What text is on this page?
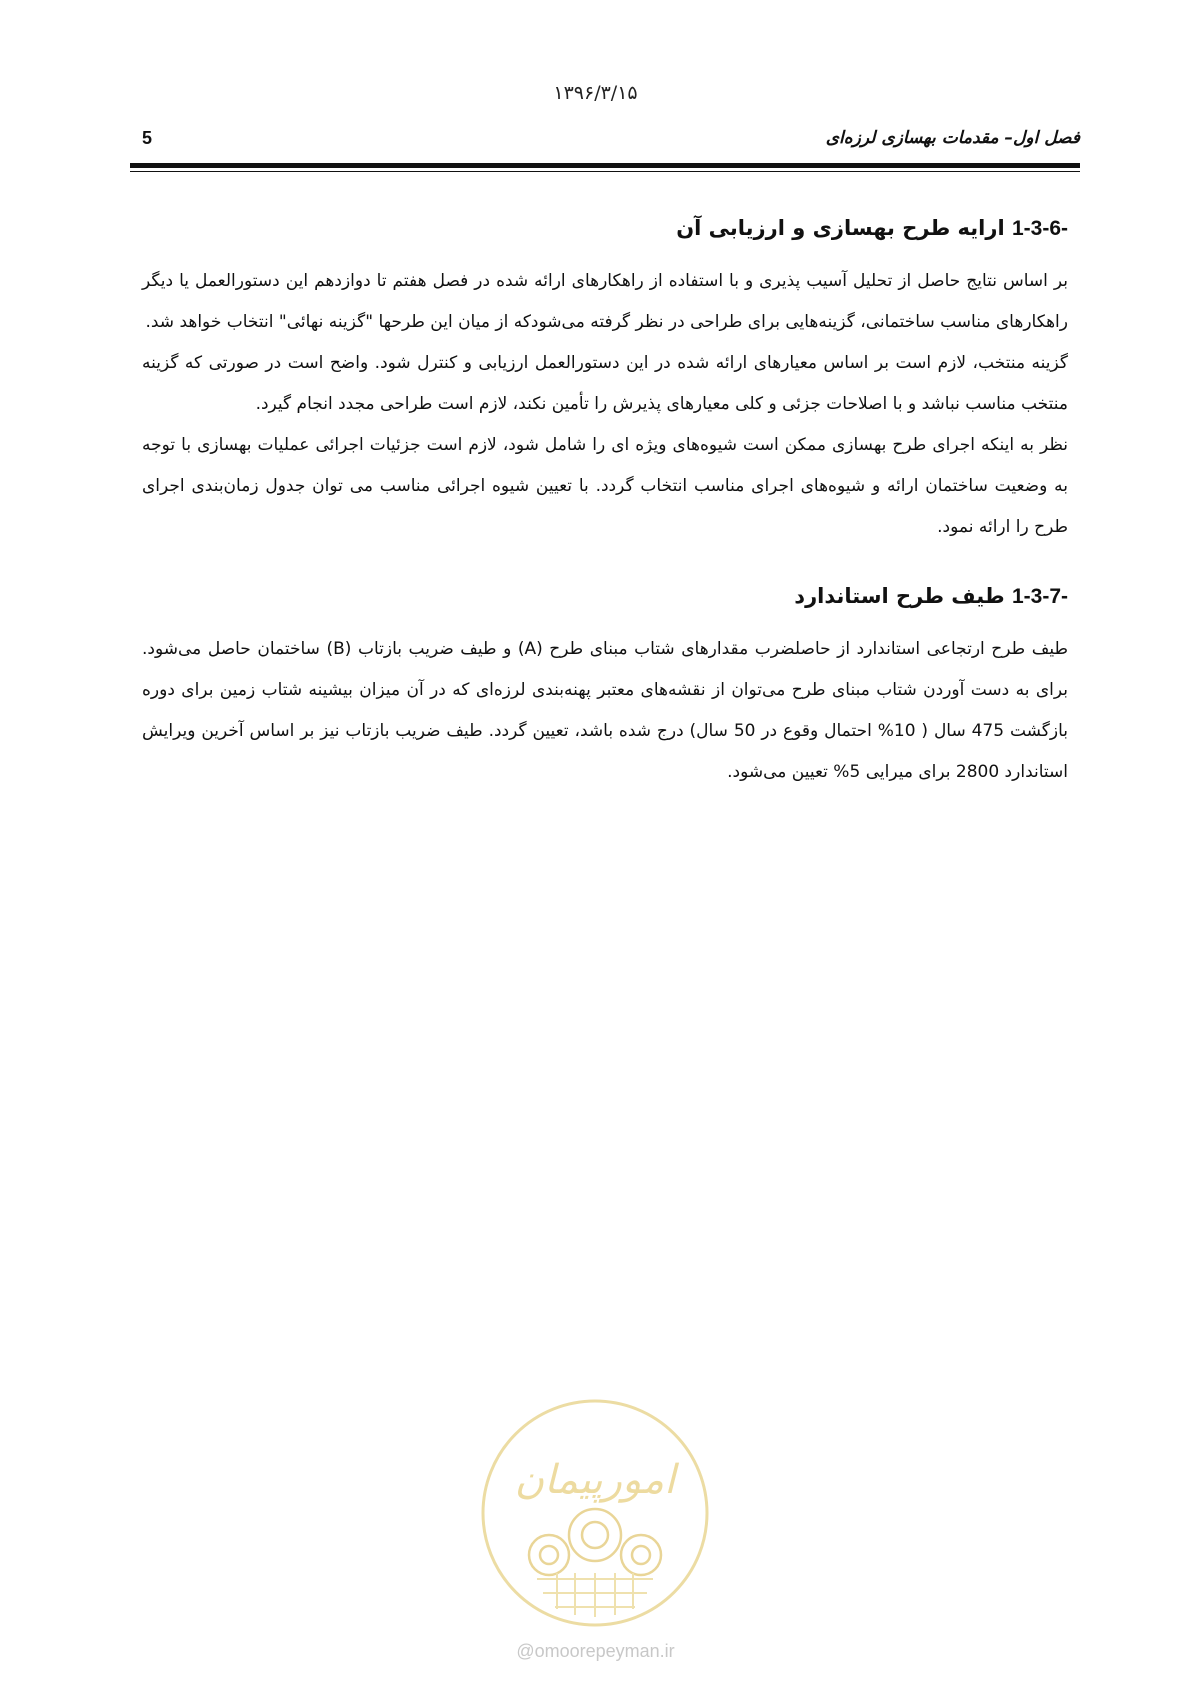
۱۳۹۶/۳/۱۵
فصل اول– مقدمات بهسازی لرزه‌ای
5
1-3-6- ارایه طرح بهسازی و ارزیابی آن

بر اساس نتایج حاصل از تحلیل آسیب پذیری و با استفاده از راهکارهای ارائه شده در فصل هفتم تا دوازدهم این دستورالعمل یا دیگر راهکارهای مناسب ساختمانی، گزینه‌هایی برای طراحی در نظر گرفته می‌شودکه از میان این طرحها "گزینه نهائی" انتخاب خواهد شد.

گزینه منتخب، لازم است بر اساس معیارهای ارائه شده در این دستورالعمل ارزیابی و کنترل شود. واضح است در صورتی که گزینه منتخب مناسب نباشد و با اصلاحات جزئی و کلی معیارهای پذیرش را تأمین نکند، لازم است طراحی مجدد انجام گیرد.

نظر به اینکه اجرای طرح بهسازی ممکن است شیوه‌های ویژه ای را شامل شود، لازم است جزئیات اجرائی عملیات بهسازی با توجه به وضعیت ساختمان ارائه و شیوه‌های اجرای مناسب انتخاب گردد. با تعیین شیوه اجرائی مناسب می توان جدول زمان‌بندی اجرای طرح را ارائه نمود.

1-3-7- طیف طرح استاندارد

طیف طرح ارتجاعی استاندارد از حاصلضرب مقدارهای شتاب مبنای طرح (A) و طیف ضریب بازتاب (B) ساختمان حاصل می‌شود. برای به دست آوردن شتاب مبنای طرح می‌توان از نقشه‌های معتبر پهنه‌بندی لرزه‌ای که در آن میزان بیشینه شتاب زمین برای دوره بازگشت 475 سال ( 10% احتمال وقوع در 50 سال) درج شده باشد، تعیین گردد. طیف ضریب بازتاب نیز بر اساس آخرین ویرایش استاندارد 2800 برای میرایی 5% تعیین می‌شود.

امورپیمان
@omoorepeyman.ir
